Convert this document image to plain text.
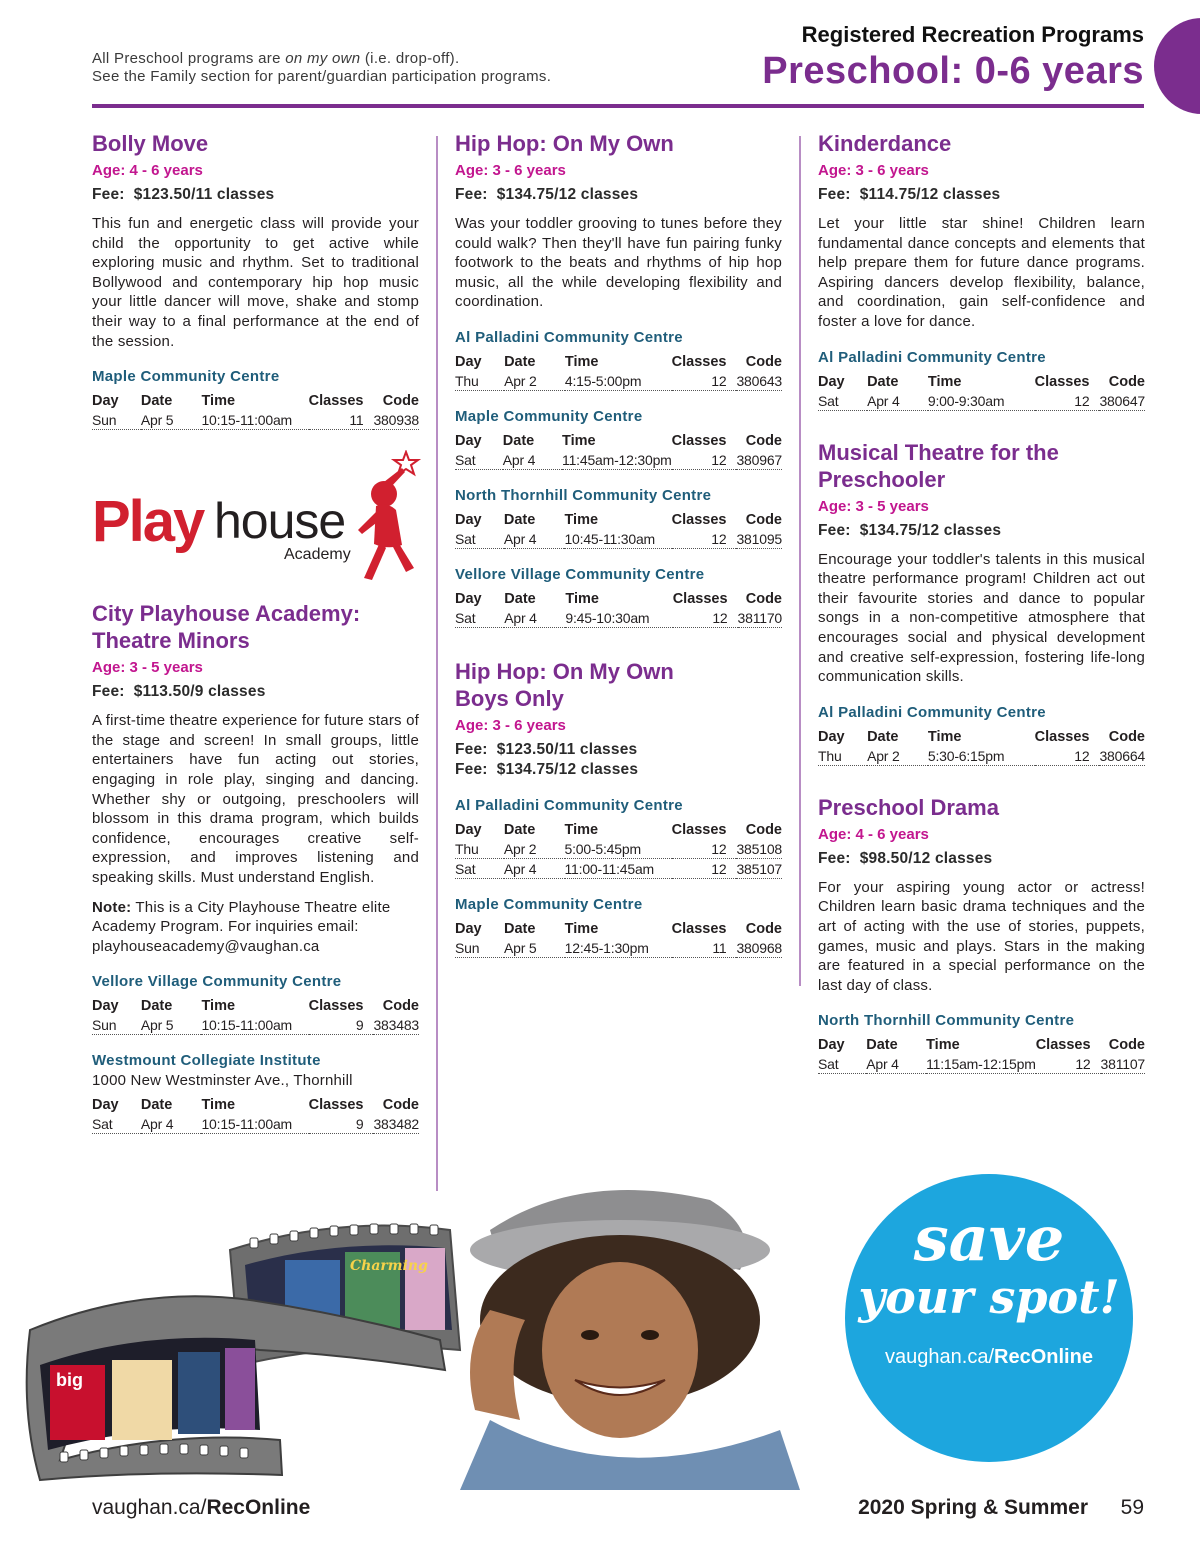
All Preschool programs are on my own (i.e. drop-off).
See the Family section for parent/guardian participation programs.
Registered Recreation Programs
Preschool: 0-6 years
Bolly Move
Age: 4 - 6 years
Fee: $123.50/11 classes
This fun and energetic class will provide your child the opportunity to get active while exploring music and rhythm. Set to traditional Bollywood and contemporary hip hop music your little dancer will move, shake and stomp their way to a final performance at the end of the session.
Maple Community Centre
Day	Date	Time	Classes	Code
Sun	Apr 5	10:15-11:00am	11	380938
Play house
Academy
City Playhouse Academy:
Theatre Minors
Age: 3 - 5 years
Fee: $113.50/9 classes
A first-time theatre experience for future stars of the stage and screen! In small groups, little entertainers have fun acting out stories, engaging in role play, singing and dancing. Whether shy or outgoing, preschoolers will blossom in this drama program, which builds confidence, encourages creative self-expression, and improves listening and speaking skills. Must understand English.
Note: This is a City Playhouse Theatre elite Academy Program. For inquiries email: playhouseacademy@vaughan.ca
Vellore Village Community Centre
Day	Date	Time	Classes	Code
Sun	Apr 5	10:15-11:00am	9	383483
Westmount Collegiate Institute
1000 New Westminster Ave., Thornhill
Day	Date	Time	Classes	Code
Sat	Apr 4	10:15-11:00am	9	383482
Hip Hop: On My Own
Age: 3 - 6 years
Fee: $134.75/12 classes
Was your toddler grooving to tunes before they could walk? Then they'll have fun pairing funky footwork to the beats and rhythms of hip hop music, all the while developing flexibility and coordination.
Al Palladini Community Centre
Day	Date	Time	Classes	Code
Thu	Apr 2	4:15-5:00pm	12	380643
Maple Community Centre
Day	Date	Time	Classes	Code
Sat	Apr 4	11:45am-12:30pm	12	380967
North Thornhill Community Centre
Day	Date	Time	Classes	Code
Sat	Apr 4	10:45-11:30am	12	381095
Vellore Village Community Centre
Day	Date	Time	Classes	Code
Sat	Apr 4	9:45-10:30am	12	381170
Hip Hop: On My Own
Boys Only
Age: 3 - 6 years
Fee: $123.50/11 classes
Fee: $134.75/12 classes
Al Palladini Community Centre
Day	Date	Time	Classes	Code
Thu	Apr 2	5:00-5:45pm	12	385108
Sat	Apr 4	11:00-11:45am	12	385107
Maple Community Centre
Day	Date	Time	Classes	Code
Sun	Apr 5	12:45-1:30pm	11	380968
Kinderdance
Age: 3 - 6 years
Fee: $114.75/12 classes
Let your little star shine! Children learn fundamental dance concepts and elements that help prepare them for future dance programs. Aspiring dancers develop flexibility, balance, and coordination, gain self-confidence and foster a love for dance.
Al Palladini Community Centre
Day	Date	Time	Classes	Code
Sat	Apr 4	9:00-9:30am	12	380647
Musical Theatre for the
Preschooler
Age: 3 - 5 years
Fee: $134.75/12 classes
Encourage your toddler's talents in this musical theatre performance program! Children act out their favourite stories and dance to popular songs in a non-competitive atmosphere that encourages social and physical development and creative self-expression, fostering life-long communication skills.
Al Palladini Community Centre
Day	Date	Time	Classes	Code
Thu	Apr 2	5:30-6:15pm	12	380664
Preschool Drama
Age: 4 - 6 years
Fee: $98.50/12 classes
For your aspiring young actor or actress! Children learn basic drama techniques and the art of acting with the use of stories, puppets, games, music and plays. Stars in the making are featured in a special performance on the last day of class.
North Thornhill Community Centre
Day	Date	Time	Classes	Code
Sat	Apr 4	11:15am-12:15pm	12	381107
Charming
big
save
your spot!
vaughan.ca/RecOnline
vaughan.ca/RecOnline	2020 Spring & Summer 59
